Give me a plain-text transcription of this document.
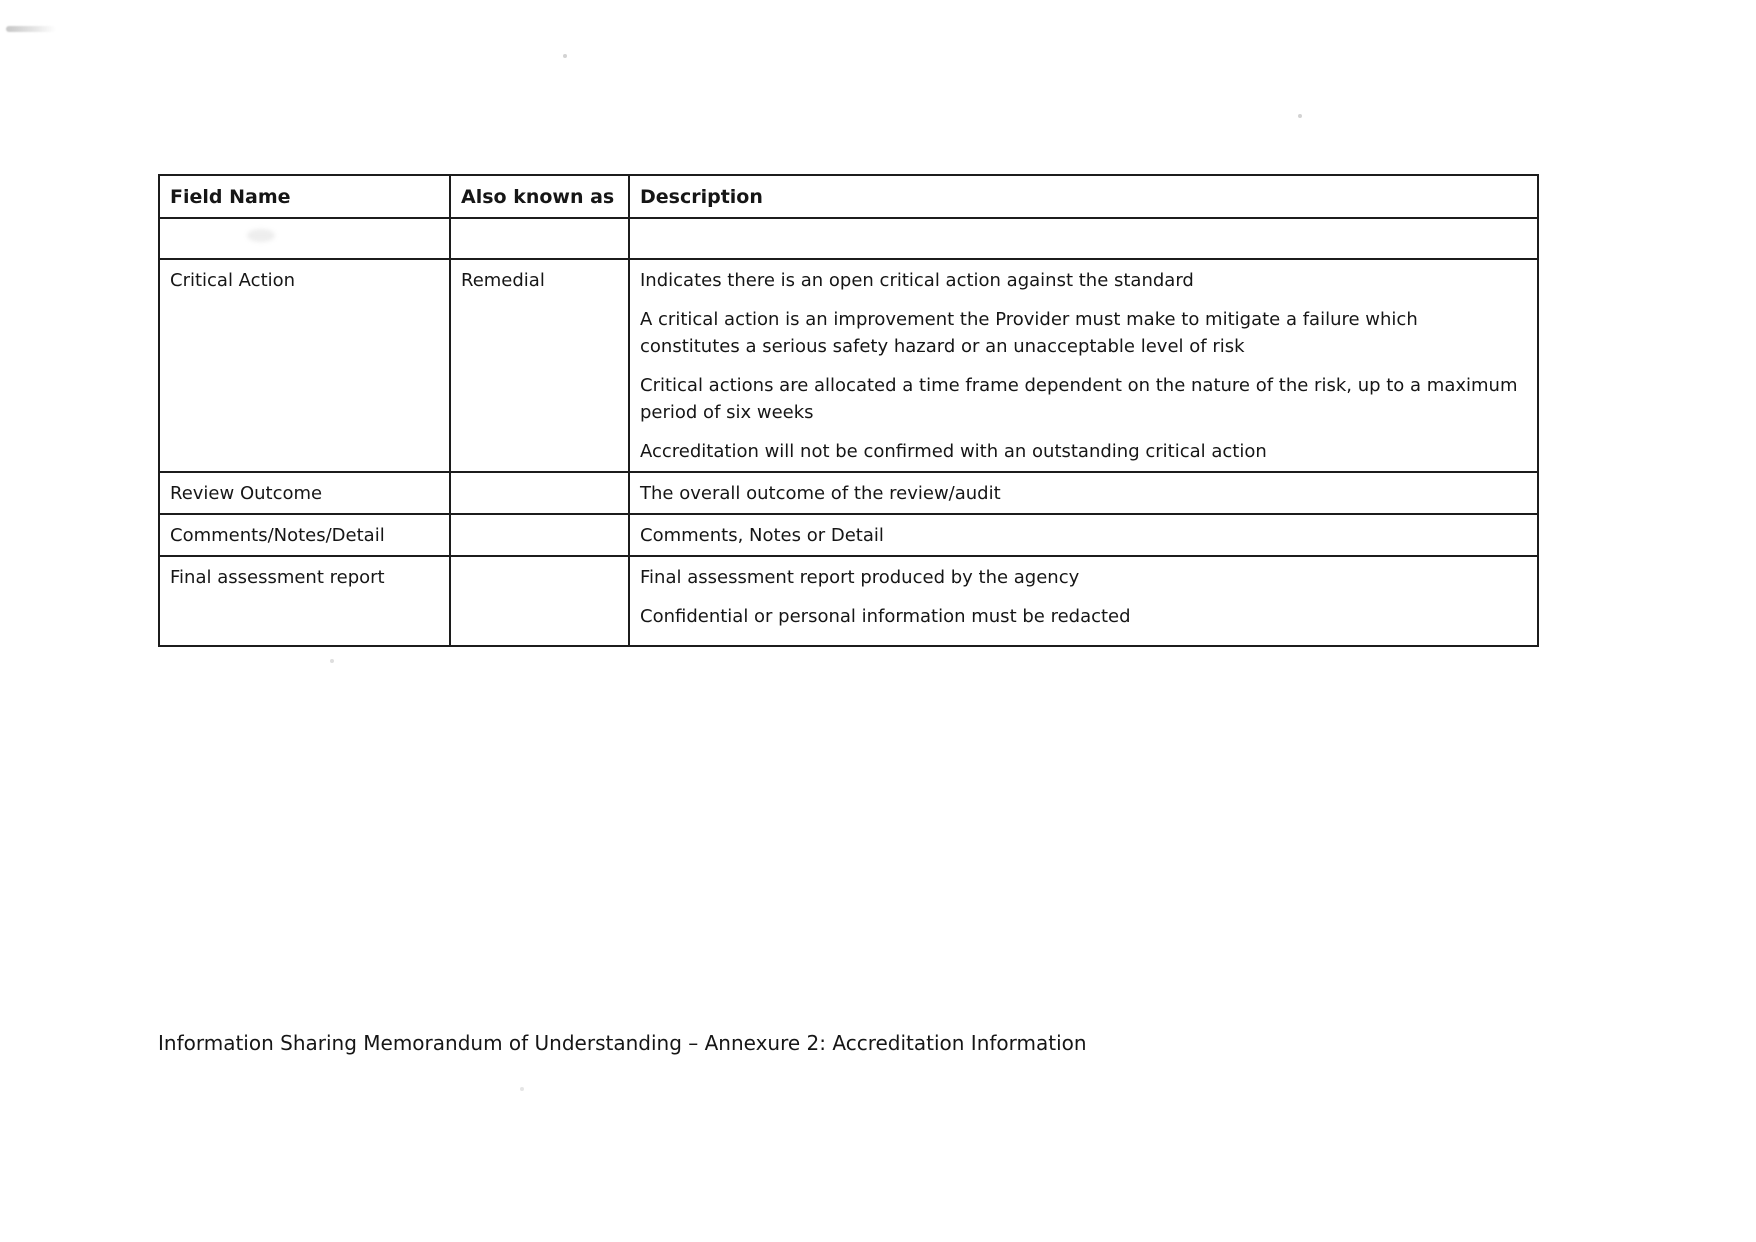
Field Name	Also known as	Description

Critical Action	Remedial	Indicates there is an open critical action against the standard

A critical action is an improvement the Provider must make to mitigate a failure which
constitutes a serious safety hazard or an unacceptable level of risk

Critical actions are allocated a time frame dependent on the nature of the risk, up to a maximum
period of six weeks

Accreditation will not be confirmed with an outstanding critical action

Review Outcome		The overall outcome of the review/audit

Comments/Notes/Detail		Comments, Notes or Detail

Final assessment report		Final assessment report produced by the agency

Confidential or personal information must be redacted

Information Sharing Memorandum of Understanding – Annexure 2: Accreditation Information
